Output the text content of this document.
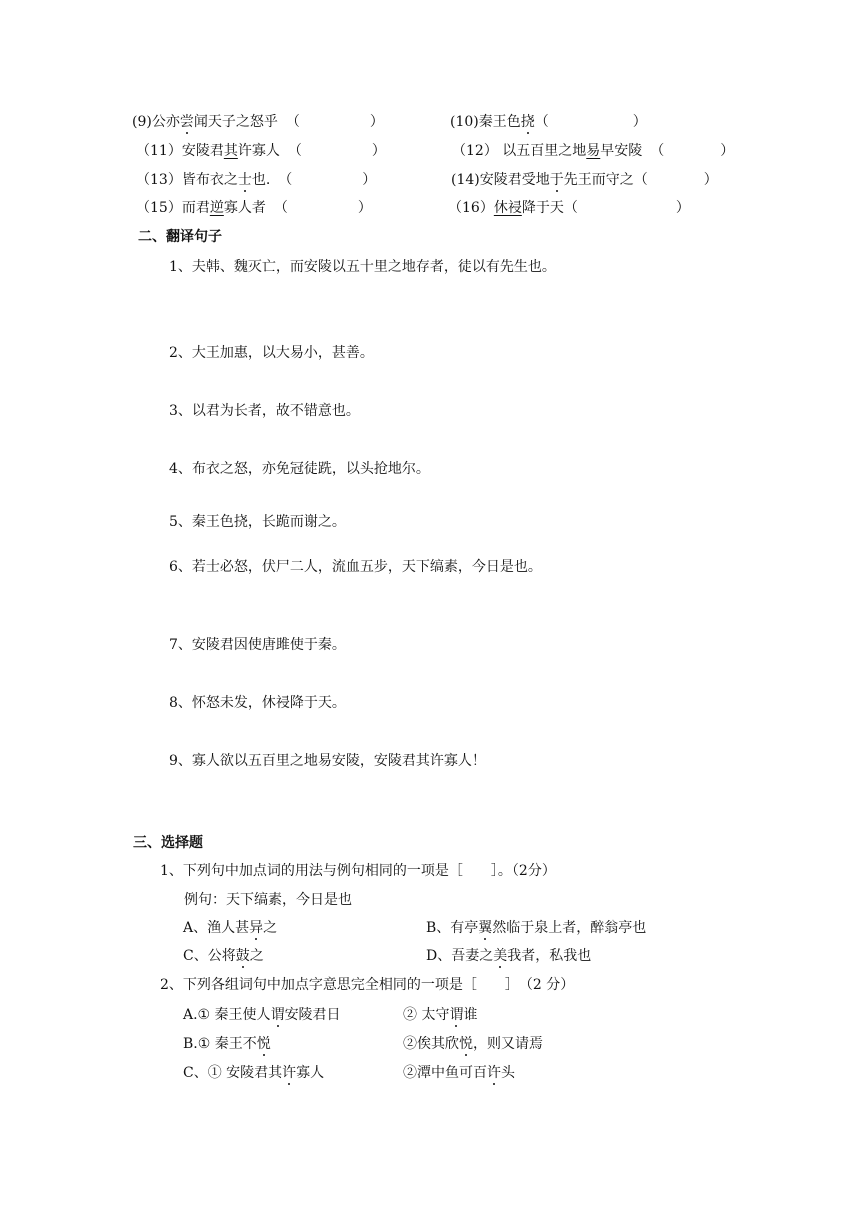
(9)公亦尝闻天子之怒乎 （　　　　　）	(10)秦王色挠（　　　　　　）
（11）安陵君其许寡人 （　　　　　）	（12） 以五百里之地易早安陵 （　　　　）
（13）皆布衣之士也. （　　　　　）	(14)安陵君受地于先王而守之（　　　　）
（15）而君逆寡人者 （　　　　　）	（16）休祲降于天（　　　　　　　）
二、翻译句子
1、夫韩、魏灭亡，而安陵以五十里之地存者，徒以有先生也。
2、大王加惠，以大易小，甚善。
3、以君为长者，故不错意也。
4、布衣之怒，亦免冠徒跣，以头抢地尔。
5、秦王色挠，长跪而谢之。
6、若士必怒，伏尸二人，流血五步，天下缟素，今日是也。
7、安陵君因使唐雎使于秦。
8、怀怒未发，休祲降于天。
9、寡人欲以五百里之地易安陵，安陵君其许寡人！
三、选择题
1、下列句中加点词的用法与例句相同的一项是［　　］。（2分）
例句：天下缟素，今日是也
A、渔人甚异之	B、有亭翼然临于泉上者，醉翁亭也
C、公将鼓之	D、吾妻之美我者，私我也
2、下列各组词句中加点字意思完全相同的一项是［　　］　（2 分）
A.① 秦王使人谓安陵君日	② 太守谓谁
B.① 秦王不悦	②俟其欣悦，则又请焉
C、① 安陵君其许寡人	②潭中鱼可百许头
